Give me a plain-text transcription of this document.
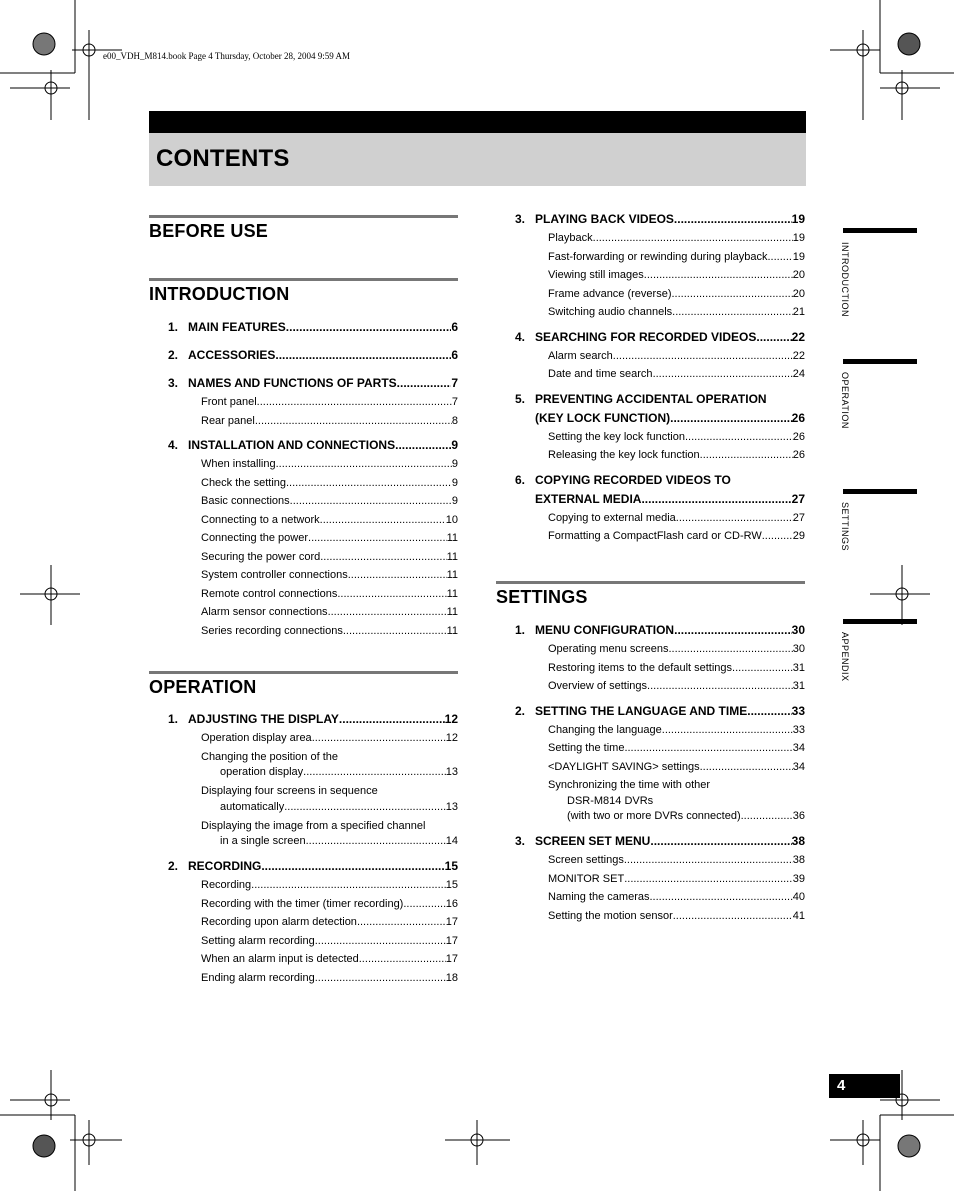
e00_VDH_M814.book Page 4 Thursday, October 28, 2004 9:59 AM
CONTENTS
INTRODUCTION
OPERATION
SETTINGS
APPENDIX
BEFORE USE
INTRODUCTION
OPERATION
SETTINGS
1. MAIN FEATURES .....	6
2. ACCESSORIES .....	6
3. NAMES AND FUNCTIONS OF PARTS .....	7
Front panel .....	7
Rear panel .....	8
4. INSTALLATION AND CONNECTIONS .....	9
When installing .....	9
Check the setting .....	9
Basic connections .....	9
Connecting to a network .....	10
Connecting the power .....	11
Securing the power cord .....	11
System controller connections .....	11
Remote control connections .....	11
Alarm sensor connections .....	11
Series recording connections .....	11
1. ADJUSTING THE DISPLAY .....	12
Operation display area .....	12
Changing the position of the
operation display .....	13
Displaying four screens in sequence
automatically .....	13
Displaying the image from a specified channel
in a single screen .....	14
2. RECORDING .....	15
Recording .....	15
Recording with the timer (timer recording) .....	16
Recording upon alarm detection .....	17
Setting alarm recording .....	17
When an alarm input is detected... .....	17
Ending alarm recording .....	18
3. PLAYING BACK VIDEOS .....	19
Playback .....	19
Fast-forwarding or rewinding during playback ..... 19
Viewing still images .....	20
Frame advance (reverse) .....	20
Switching audio channels .....	21
4. SEARCHING FOR RECORDED VIDEOS .....	22
Alarm search .....	22
Date and time search .....	24
5. PREVENTING ACCIDENTAL OPERATION
(KEY LOCK FUNCTION) .....	26
Setting the key lock function .....	26
Releasing the key lock function .....	26
6. COPYING RECORDED VIDEOS TO
EXTERNAL MEDIA .....	27
Copying to external media .....	27
Formatting a CompactFlash card or CD-RW .....	29
1. MENU CONFIGURATION .....	30
Operating menu screens .....	30
Restoring items to the default settings .....	31
Overview of settings .....	31
2. SETTING THE LANGUAGE AND TIME .....	33
Changing the language .....	33
Setting the time .....	34
<DAYLIGHT SAVING> settings .....	34
Synchronizing the time with other
DSR-M814 DVRs
(with two or more DVRs connected) .....	36
3. SCREEN SET MENU .....	38
Screen settings .....	38
MONITOR SET .....	39
Naming the cameras .....	40
Setting the motion sensor .....	41
4
